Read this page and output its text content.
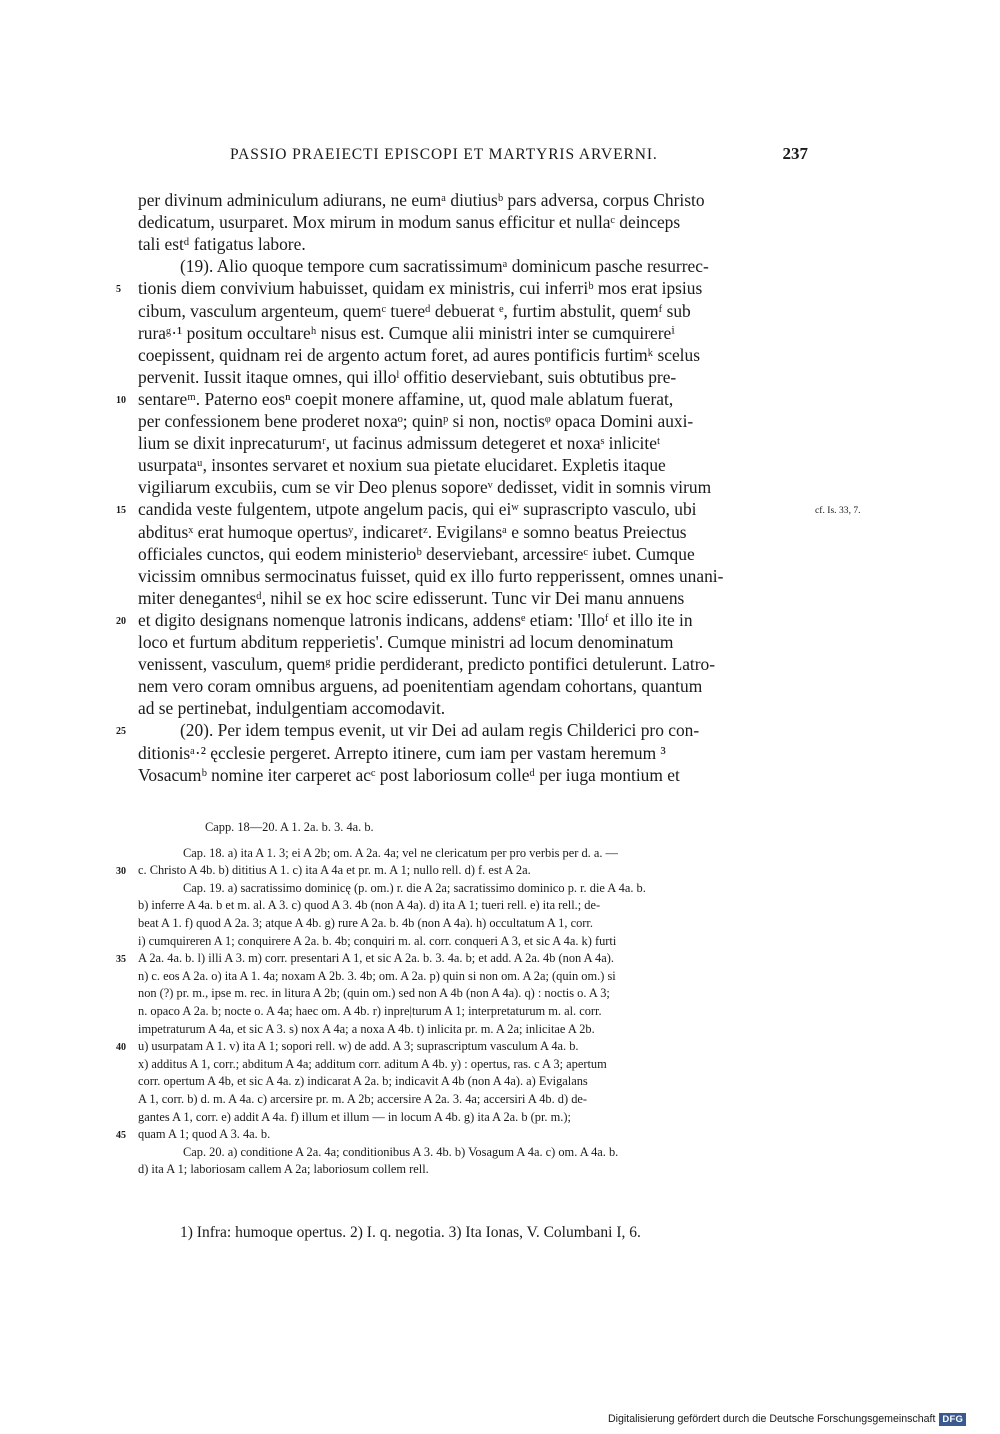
PASSIO PRAEIECTI EPISCOPI ET MARTYRIS ARVERNI.	237
per divinum adminiculum adiurans, ne eumᵃ diutiusᵇ pars adversa, corpus Christo
dedicatum, usurparet. Mox mirum in modum sanus efficitur et nullaᶜ deinceps
tali estᵈ fatigatus labore.
(19). Alio quoque tempore cum sacratissimumᵃ dominicum pasche resurrec-
tionis diem convivium habuisset, quidam ex ministris, cui inferriᵇ mos erat ipsius
5
cibum, vasculum argenteum, quemᶜ tuereᵈ debuerat ᵉ, furtim abstulit, quemᶠ sub
ruraᵍ·¹ positum occultareʰ nisus est. Cumque alii ministri inter se cumquirereⁱ
coepissent, quidnam rei de argento actum foret, ad aures pontificis furtimᵏ scelus
pervenit. Iussit itaque omnes, qui illoˡ offitio deserviebant, suis obtutibus pre-
sentareᵐ. Paterno eosⁿ coepit monere affamine, ut, quod male ablatum fuerat,
10
per confessionem bene proderet noxaᵒ; quinᵖ si non, noctisᵠ opaca Domini auxi-
lium se dixit inprecaturumʳ, ut facinus admissum detegeret et noxaˢ inliciteᵗ
usurpataᵘ, insontes servaret et noxium sua pietate elucidaret. Expletis itaque
vigiliarum excubiis, cum se vir Deo plenus soporeᵛ dedisset, vidit in somnis virum
candida veste fulgentem, utpote angelum pacis, qui eiʷ suprascripto vasculo, ubi
15	cf. Is. 33, 7.
abditusˣ erat humoque opertusʸ, indicaretᶻ. Evigilansᵃ e somno beatus Preiectus
officiales cunctos, qui eodem ministerioᵇ deserviebant, arcessireᶜ iubet. Cumque
vicissim omnibus sermocinatus fuisset, quid ex illo furto repperissent, omnes unani-
miter denegantesᵈ, nihil se ex hoc scire edisserunt. Tunc vir Dei manu annuens
et digito designans nomenque latronis indicans, addensᵉ etiam: 'Illoᶠ et illo ite in
20
loco et furtum abditum repperietis'. Cumque ministri ad locum denominatum
venissent, vasculum, quemᵍ pridie perdiderant, predicto pontifici detulerunt. Latro-
nem vero coram omnibus arguens, ad poenitentiam agendam cohortans, quantum
ad se pertinebat, indulgentiam accomodavit.
(20). Per idem tempus evenit, ut vir Dei ad aulam regis Childerici pro con-
25
ditionisᵃ·² ęcclesie pergeret. Arrepto itinere, cum iam per vastam heremum ³
Vosacumᵇ nomine iter carperet acᶜ post laboriosum colleᵈ per iuga montium et
Capp. 18—20. A 1. 2a. b. 3. 4a. b.
Cap. 18. a) ita A 1. 3; ei A 2b; om. A 2a. 4a; vel ne clericatum per pro verbis per d. a. —
c. Christo A 4b. b) dititius A 1. c) ita A 4a et pr. m. A 1; nullo rell. d) f. est A 2a.
30
Cap. 19. a) sacratissimo dominicę (p. om.) r. die A 2a; sacratissimo dominico p. r. die A 4a. b.
b) inferre A 4a. b et m. al. A 3. c) quod A 3. 4b (non A 4a). d) ita A 1; tueri rell. e) ita rell.; de-
beat A 1. f) quod A 2a. 3; atque A 4b. g) rure A 2a. b. 4b (non A 4a). h) occultatum A 1, corr.
i) cumquireren A 1; conquirere A 2a. b. 4b; conquiri m. al. corr. conqueri A 3, et sic A 4a. k) furti
A 2a. 4a. b. l) illi A 3. m) corr. presentari A 1, et sic A 2a. b. 3. 4a. b; et add. A 2a. 4b (non A 4a).
35
n) c. eos A 2a. o) ita A 1. 4a; noxam A 2b. 3. 4b; om. A 2a. p) quin si non om. A 2a; (quin om.) si
non (?) pr. m., ipse m. rec. in litura A 2b; (quin om.) sed non A 4b (non A 4a). q) : noctis o. A 3;
n. opaco A 2a. b; nocte o. A 4a; haec om. A 4b. r) inpre|turum A 1; interpretaturum m. al. corr.
impetraturum A 4a, et sic A 3. s) nox A 4a; a noxa A 4b. t) inlicita pr. m. A 2a; inlicitae A 2b.
u) usurpatam A 1. v) ita A 1; sopori rell. w) de add. A 3; suprascriptum vasculum A 4a. b.
40
x) additus A 1, corr.; abditum A 4a; additum corr. aditum A 4b. y) : opertus, ras. c A 3; apertum
corr. opertum A 4b, et sic A 4a. z) indicarat A 2a. b; indicavit A 4b (non A 4a). a) Evigalans
A 1, corr. b) d. m. A 4a. c) arcersire pr. m. A 2b; accersire A 2a. 3. 4a; accersiri A 4b. d) de-
gantes A 1, corr. e) addit A 4a. f) illum et illum — in locum A 4b. g) ita A 2a. b (pr. m.);
quam A 1; quod A 3. 4a. b.
45
Cap. 20. a) conditione A 2a. 4a; conditionibus A 3. 4b. b) Vosagum A 4a. c) om. A 4a. b.
d) ita A 1; laboriosam callem A 2a; laboriosum collem rell.
1) Infra: humoque opertus. 2) I. q. negotia. 3) Ita Ionas, V. Columbani I, 6.
Digitalisierung gefördert durch die Deutsche Forschungsgemeinschaft DFG
